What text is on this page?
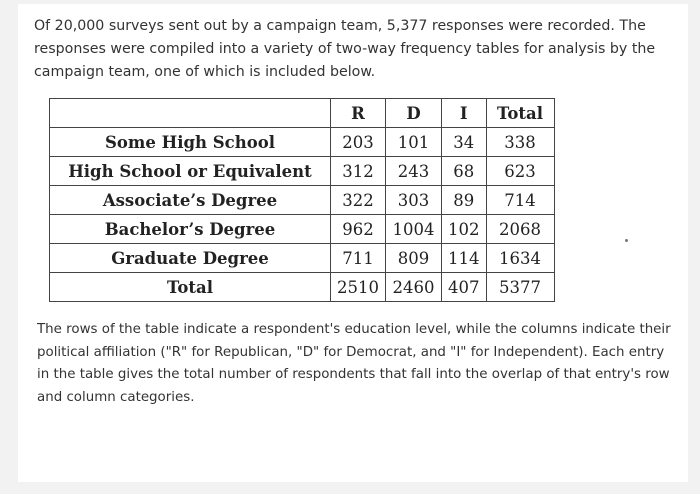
Of 20,000 surveys sent out by a campaign team, 5,377 responses were recorded. The responses were compiled into a variety of two-way frequency tables for analysis by the campaign team, one of which is included below.

	R	D	I	Total
Some High School	203	101	34	338
High School or Equivalent	312	243	68	623
Associate’s Degree	322	303	89	714
Bachelor’s Degree	962	1004	102	2068
Graduate Degree	711	809	114	1634
Total	2510	2460	407	5377

The rows of the table indicate a respondent's education level, while the columns indicate their political affiliation ("R" for Republican, "D" for Democrat, and "I" for Independent). Each entry in the table gives the total number of respondents that fall into the overlap of that entry's row and column categories.
